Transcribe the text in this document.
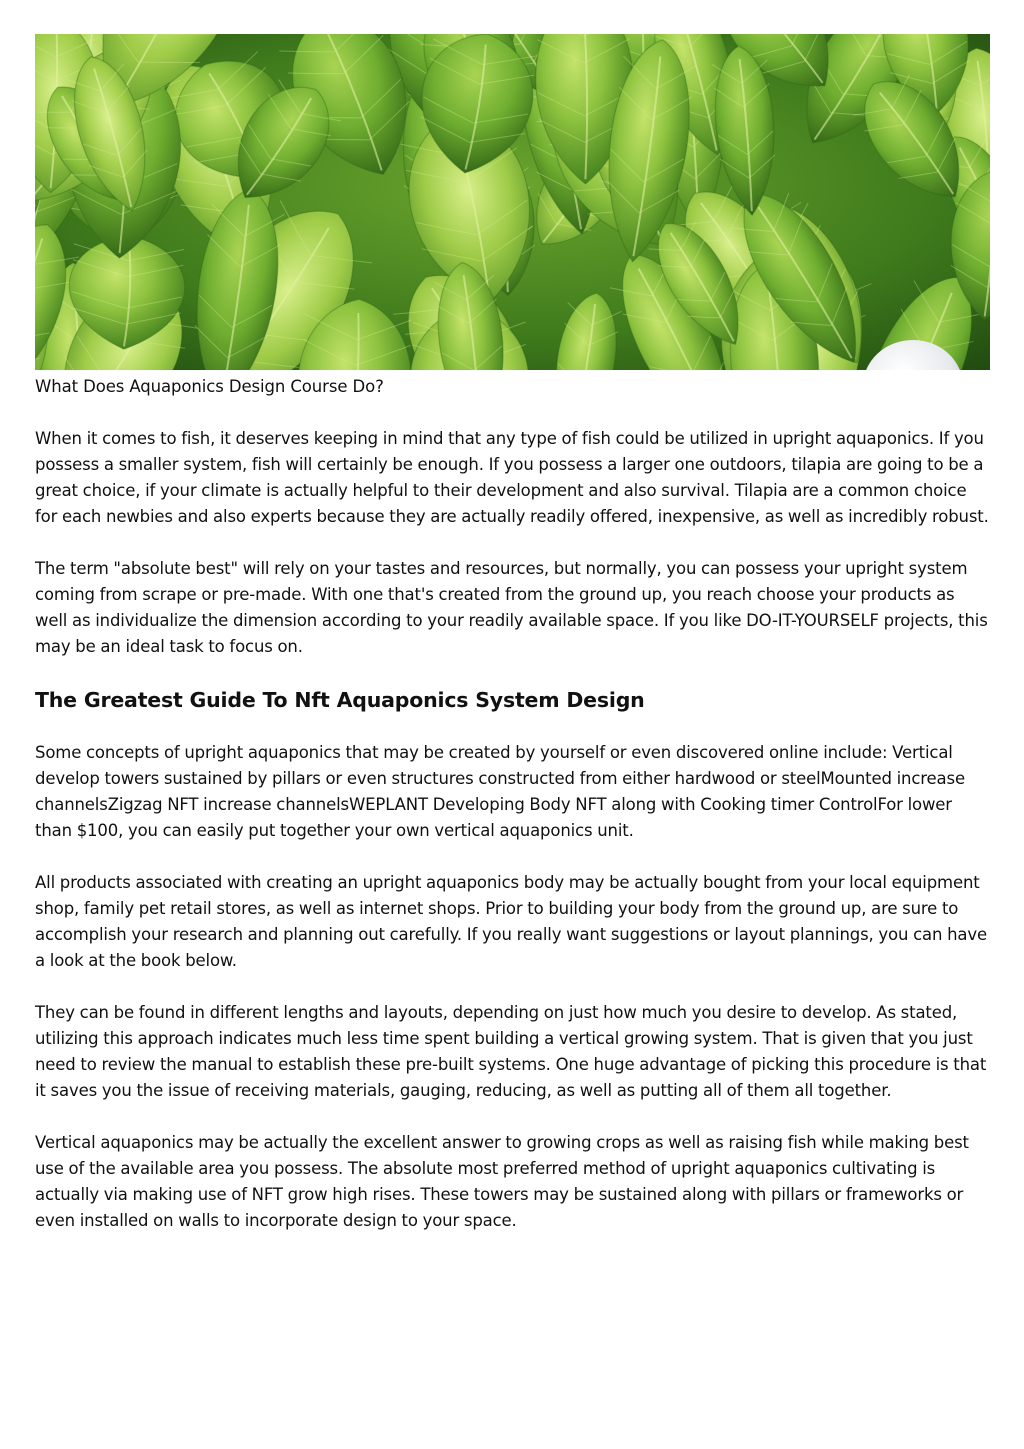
What Does Aquaponics Design Course Do?

When it comes to fish, it deserves keeping in mind that any type of fish could be utilized in upright aquaponics. If you possess a smaller system, fish will certainly be enough. If you possess a larger one outdoors, tilapia are going to be a great choice, if your climate is actually helpful to their development and also survival. Tilapia are a common choice for each newbies and also experts because they are actually readily offered, inexpensive, as well as incredibly robust.

The term "absolute best" will rely on your tastes and resources, but normally, you can possess your upright system coming from scrape or pre-made. With one that's created from the ground up, you reach choose your products as well as individualize the dimension according to your readily available space. If you like DO-IT-YOURSELF projects, this may be an ideal task to focus on.

The Greatest Guide To Nft Aquaponics System Design

Some concepts of upright aquaponics that may be created by yourself or even discovered online include: Vertical develop towers sustained by pillars or even structures constructed from either hardwood or steelMounted increase channelsZigzag NFT increase channelsWEPLANT Developing Body NFT along with Cooking timer ControlFor lower than $100, you can easily put together your own vertical aquaponics unit.

All products associated with creating an upright aquaponics body may be actually bought from your local equipment shop, family pet retail stores, as well as internet shops. Prior to building your body from the ground up, are sure to accomplish your research and planning out carefully. If you really want suggestions or layout plannings, you can have a look at the book below.

They can be found in different lengths and layouts, depending on just how much you desire to develop. As stated, utilizing this approach indicates much less time spent building a vertical growing system. That is given that you just need to review the manual to establish these pre-built systems. One huge advantage of picking this procedure is that it saves you the issue of receiving materials, gauging, reducing, as well as putting all of them all together.

Vertical aquaponics may be actually the excellent answer to growing crops as well as raising fish while making best use of the available area you possess. The absolute most preferred method of upright aquaponics cultivating is actually via making use of NFT grow high rises. These towers may be sustained along with pillars or frameworks or even installed on walls to incorporate design to your space.
